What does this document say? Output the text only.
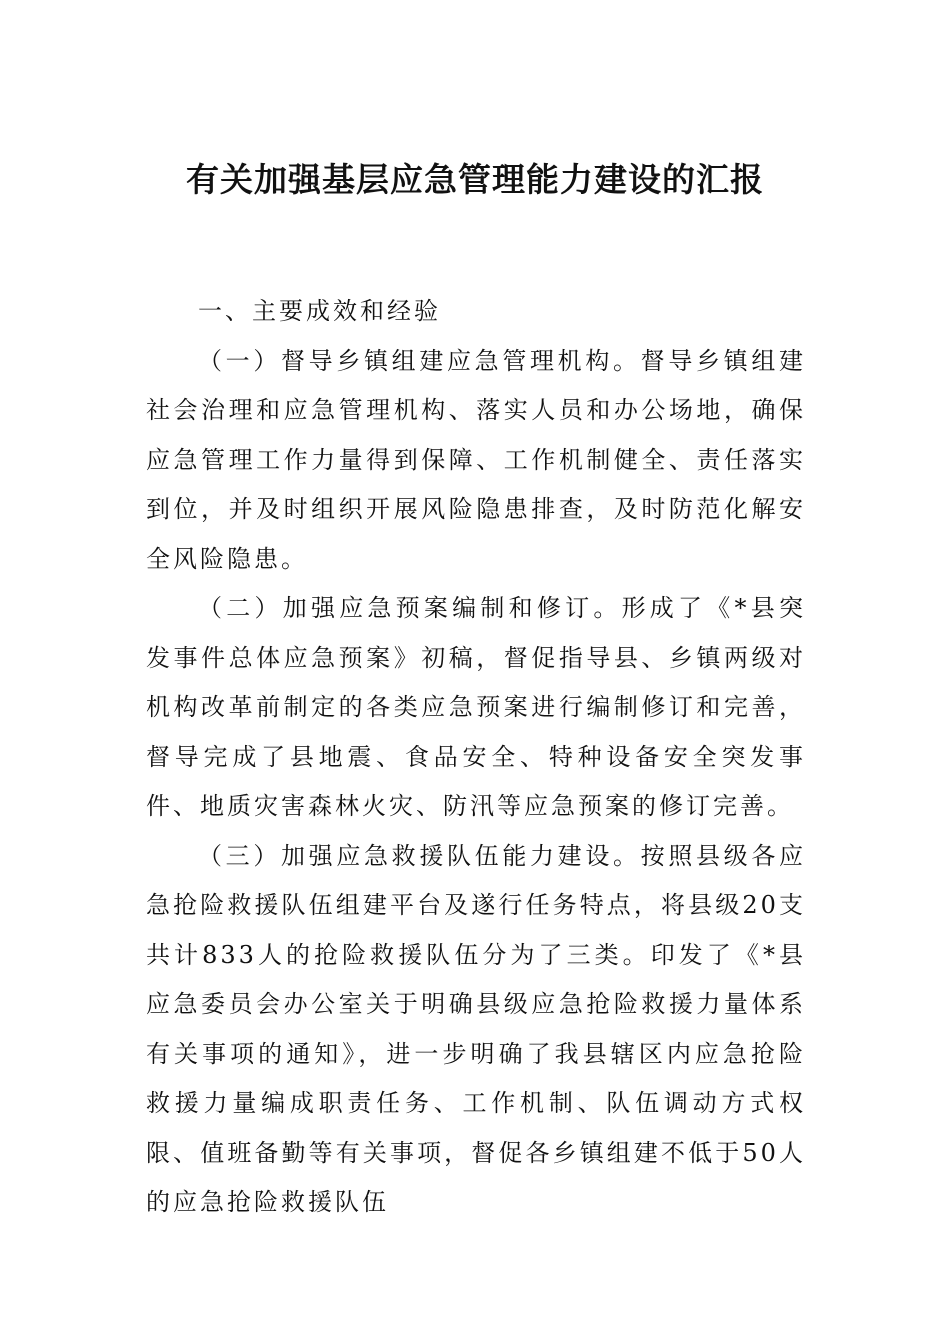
有关加强基层应急管理能力建设的汇报

一、主要成效和经验

（一）督导乡镇组建应急管理机构。督导乡镇组建社会治理和应急管理机构、落实人员和办公场地，确保应急管理工作力量得到保障、工作机制健全、责任落实到位，并及时组织开展风险隐患排查，及时防范化解安全风险隐患。

（二）加强应急预案编制和修订。形成了《*县突发事件总体应急预案》初稿，督促指导县、乡镇两级对机构改革前制定的各类应急预案进行编制修订和完善，督导完成了县地震、食品安全、特种设备安全突发事件、地质灾害森林火灾、防汛等应急预案的修订完善。

（三）加强应急救援队伍能力建设。按照县级各应急抢险救援队伍组建平台及遂行任务特点，将县级20支共计833人的抢险救援队伍分为了三类。印发了《*县应急委员会办公室关于明确县级应急抢险救援力量体系有关事项的通知》，进一步明确了我县辖区内应急抢险救援力量编成职责任务、工作机制、队伍调动方式权限、值班备勤等有关事项，督促各乡镇组建不低于50人的应急抢险救援队伍
